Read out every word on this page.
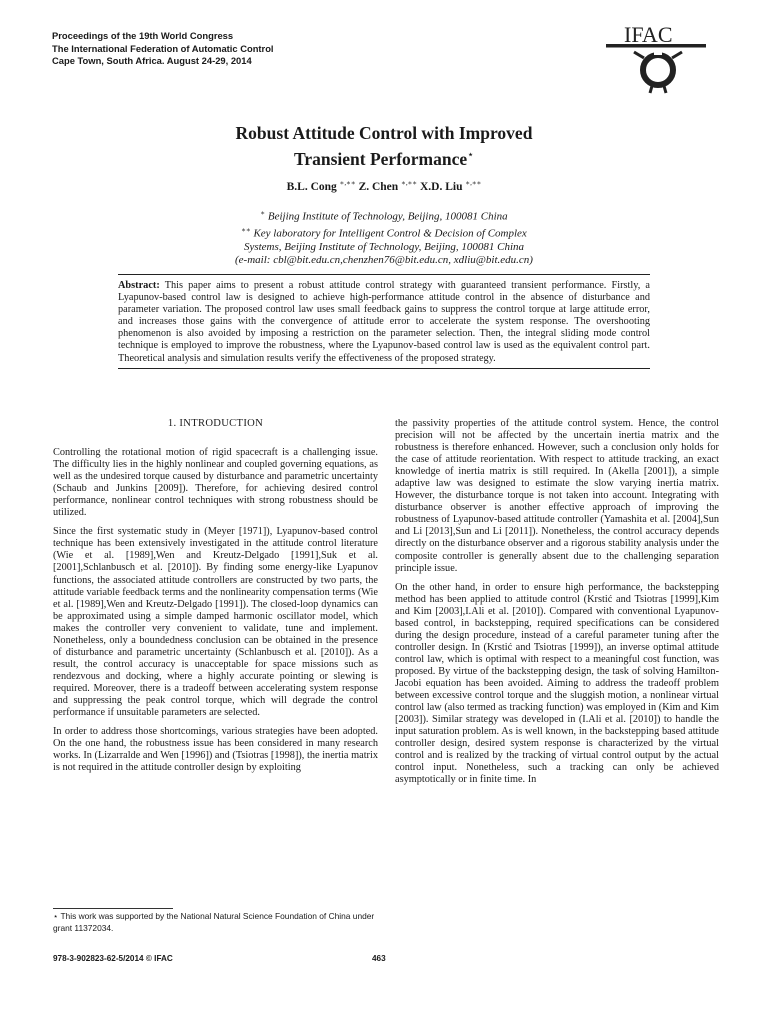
Proceedings of the 19th World Congress
The International Federation of Automatic Control
Cape Town, South Africa. August 24-29, 2014
IFAC
Robust Attitude Control with Improved
Transient Performance⋆
B.L. Cong ∗,∗∗ Z. Chen ∗,∗∗ X.D. Liu ∗,∗∗
∗ Beijing Institute of Technology, Beijing, 100081 China
∗∗ Key laboratory for Intelligent Control & Decision of Complex
Systems, Beijing Institute of Technology, Beijing, 100081 China
(e-mail: cbl@bit.edu.cn,chenzhen76@bit.edu.cn, xdliu@bit.edu.cn)
Abstract: This paper aims to present a robust attitude control strategy with guaranteed transient performance. Firstly, a Lyapunov-based control law is designed to achieve high-performance attitude control in the absence of disturbance and parameter variation. The proposed control law uses small feedback gains to suppress the control torque at large attitude error, and increases those gains with the convergence of attitude error to accelerate the system response. The overshooting phenomenon is also avoided by imposing a restriction on the parameter selection. Then, the integral sliding mode control technique is employed to improve the robustness, where the Lyapunov-based control law is used as the equivalent control part. Theoretical analysis and simulation results verify the effectiveness of the proposed strategy.
1. INTRODUCTION

Controlling the rotational motion of rigid spacecraft is a challenging issue. The difficulty lies in the highly nonlinear and coupled governing equations, as well as the undesired torque caused by disturbance and parametric uncertainty (Schaub and Junkins [2009]). Therefore, for achieving desired control performance, nonlinear control techniques with strong robustness should be utilized.

Since the first systematic study in (Meyer [1971]), Lyapunov-based control technique has been extensively investigated in the attitude control literature (Wie et al. [1989],Wen and Kreutz-Delgado [1991],Suk et al. [2001],Schlanbusch et al. [2010]). By finding some energy-like Lyapunov functions, the associated attitude controllers are constructed by two parts, the attitude variable feedback terms and the nonlinearity compensation terms (Wie et al. [1989],Wen and Kreutz-Delgado [1991]). The closed-loop dynamics can be approximated using a simple damped harmonic oscillator model, which makes the controller very convenient to validate, tune and implement. Nonetheless, only a boundedness conclusion can be obtained in the presence of disturbance and parametric uncertainty (Schlanbusch et al. [2010]). As a result, the control accuracy is unacceptable for space missions such as rendezvous and docking, where a highly accurate pointing or slewing is required. Moreover, there is a tradeoff between accelerating system response and suppressing the peak control torque, which will degrade the control performance if unsuitable parameters are selected.

In order to address those shortcomings, various strategies have been adopted. On the one hand, the robustness issue has been considered in many research works. In (Lizarralde and Wen [1996]) and (Tsiotras [1998]), the inertia matrix is not required in the attitude controller design by exploiting

the passivity properties of the attitude control system. Hence, the control precision will not be affected by the uncertain inertia matrix and the robustness is therefore enhanced. However, such a conclusion only holds for the case of attitude reorientation. With respect to attitude tracking, an exact knowledge of inertia matrix is still required. In (Akella [2001]), a simple adaptive law was designed to estimate the slow varying inertia matrix. However, the disturbance torque is not taken into account. Integrating with disturbance observer is another effective approach of improving the robustness of Lyapunov-based attitude controller (Yamashita et al. [2004],Sun and Li [2013],Sun and Li [2011]). Nonetheless, the control accuracy depends directly on the disturbance observer and a rigorous stability analysis under the composite controller is generally absent due to the challenging separation principle issue.

On the other hand, in order to ensure high performance, the backstepping method has been applied to attitude control (Krstić and Tsiotras [1999],Kim and Kim [2003],I.Ali et al. [2010]). Compared with conventional Lyapunov-based control, in backstepping, required specifications can be considered during the design procedure, instead of a careful parameter tuning after the controller design. In (Krstić and Tsiotras [1999]), an inverse optimal attitude control law, which is optimal with respect to a meaningful cost function, was proposed. By virtue of the backstepping design, the task of solving Hamilton-Jacobi equation has been avoided. Aiming to address the tradeoff problem between excessive control torque and the sluggish motion, a nonlinear virtual control law (also termed as tracking function) was employed in (Kim and Kim [2003]). Similar strategy was developed in (I.Ali et al. [2010]) to handle the input saturation problem. As is well known, in the backstepping based attitude controller design, desired system response is characterized by the virtual control and is realized by the tracking of virtual control output by the actual control input. Nonetheless, such a tracking can only be achieved asymptotically or in finite time. In

⋆ This work was supported by the National Natural Science Foundation of China under grant 11372034.
978-3-902823-62-5/2014 © IFAC	463
